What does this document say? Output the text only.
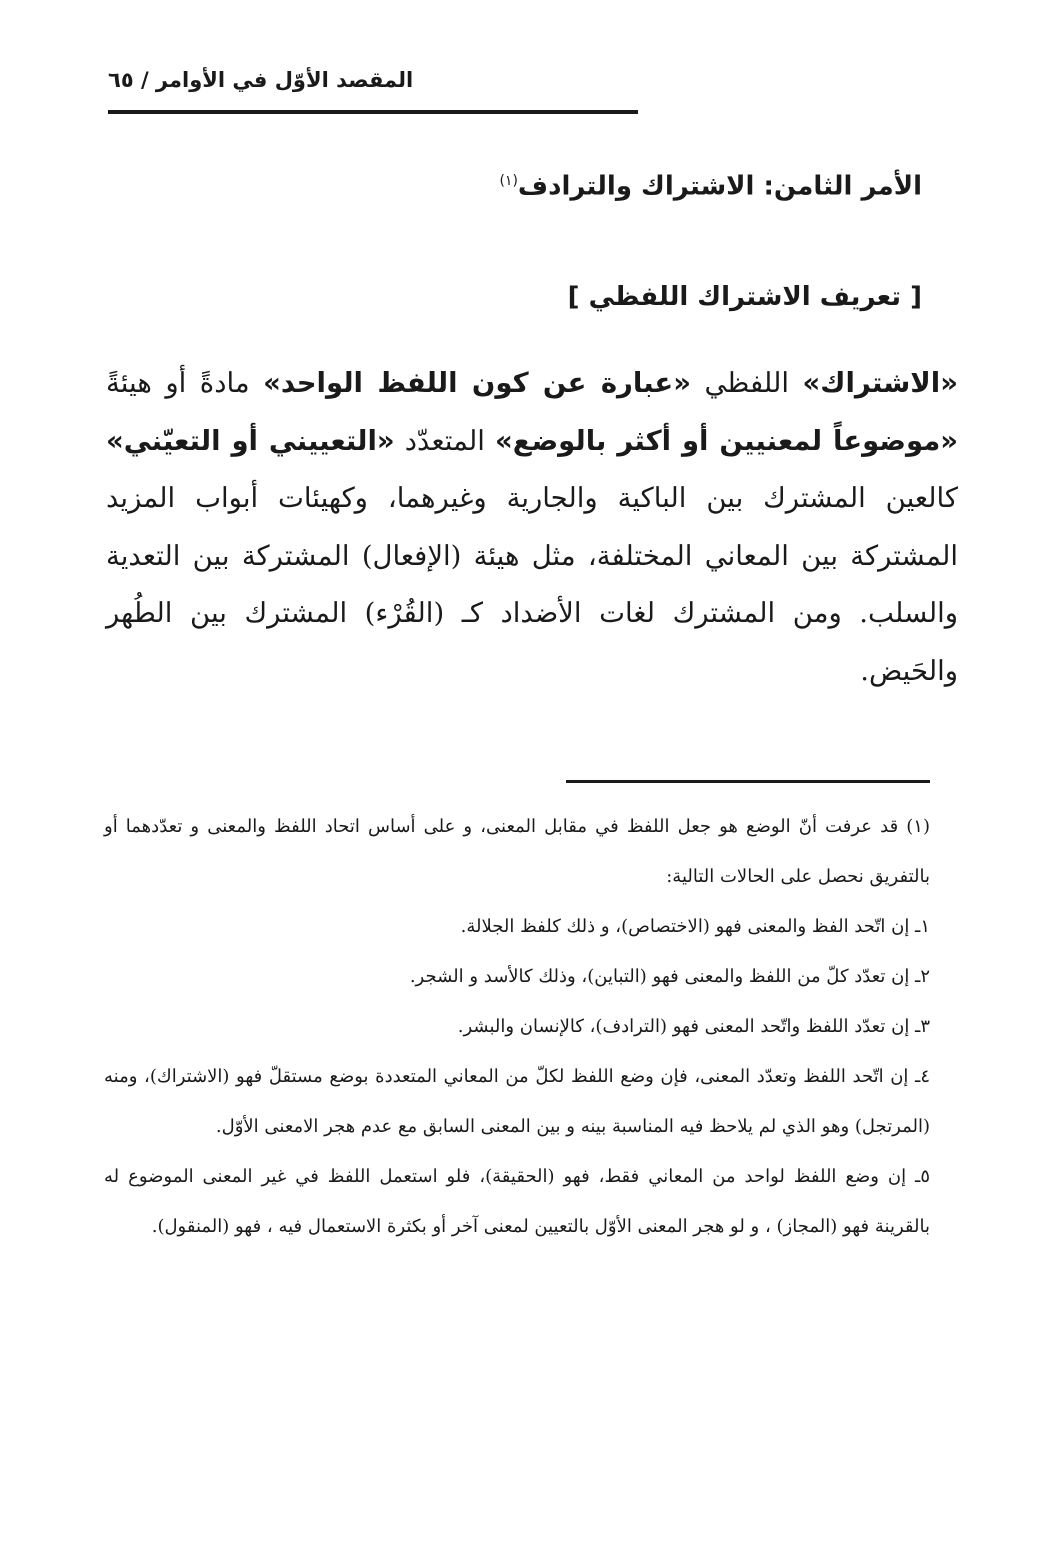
المقصد الأوّل في الأوامر / ٦٥
الأمر الثامن: الاشتراك والترادف$^{(١)}$
[ تعريف الاشتراك اللفظي ]
«الاشتراك» اللفظي «عبارة عن كون اللفظ الواحد» مادةً أو هيئةً «موضوعاً لمعنيين أو أكثر بالوضع» المتعدّد «التعييني أو التعيّني» كالعين المشترك بين الباكية والجارية وغيرهما، وكهيئات أبواب المزيد المشتركة بين المعاني المختلفة، مثل هيئة (الإفعال) المشتركة بين التعدية والسلب. ومن المشترك لغات الأضداد كـ (القُرْء) المشترك بين الطُهر والحَيض.

(١) قد عرفت أنّ الوضع هو جعل اللفظ في مقابل المعنى، و على أساس اتحاد اللفظ والمعنى و تعدّدهما أو بالتفريق نحصل على الحالات التالية:

١ـ إن اتّحد الفظ والمعنى فهو (الاختصاص)، و ذلك كلفظ الجلالة.

٢ـ إن تعدّد كلّ من اللفظ والمعنى فهو (التباين)، وذلك كالأسد و الشجر.

٣ـ إن تعدّد اللفظ واتّحد المعنى فهو (الترادف)، كالإنسان والبشر.

٤ـ إن اتّحد اللفظ وتعدّد المعنى، فإن وضع اللفظ لكلّ من المعاني المتعددة بوضع مستقلّ فهو (الاشتراك)، ومنه (المرتجل) وهو الذي لم يلاحظ فيه المناسبة بينه و بين المعنى السابق مع عدم هجر الامعنى الأوّل.

٥ـ إن وضع اللفظ لواحد من المعاني فقط، فهو (الحقيقة)، فلو استعمل اللفظ في غير المعنى الموضوع له بالقرينة فهو (المجاز) ، و لو هجر المعنى الأوّل بالتعيين لمعنى آخر أو بكثرة الاستعمال فيه ، فهو (المنقول).
